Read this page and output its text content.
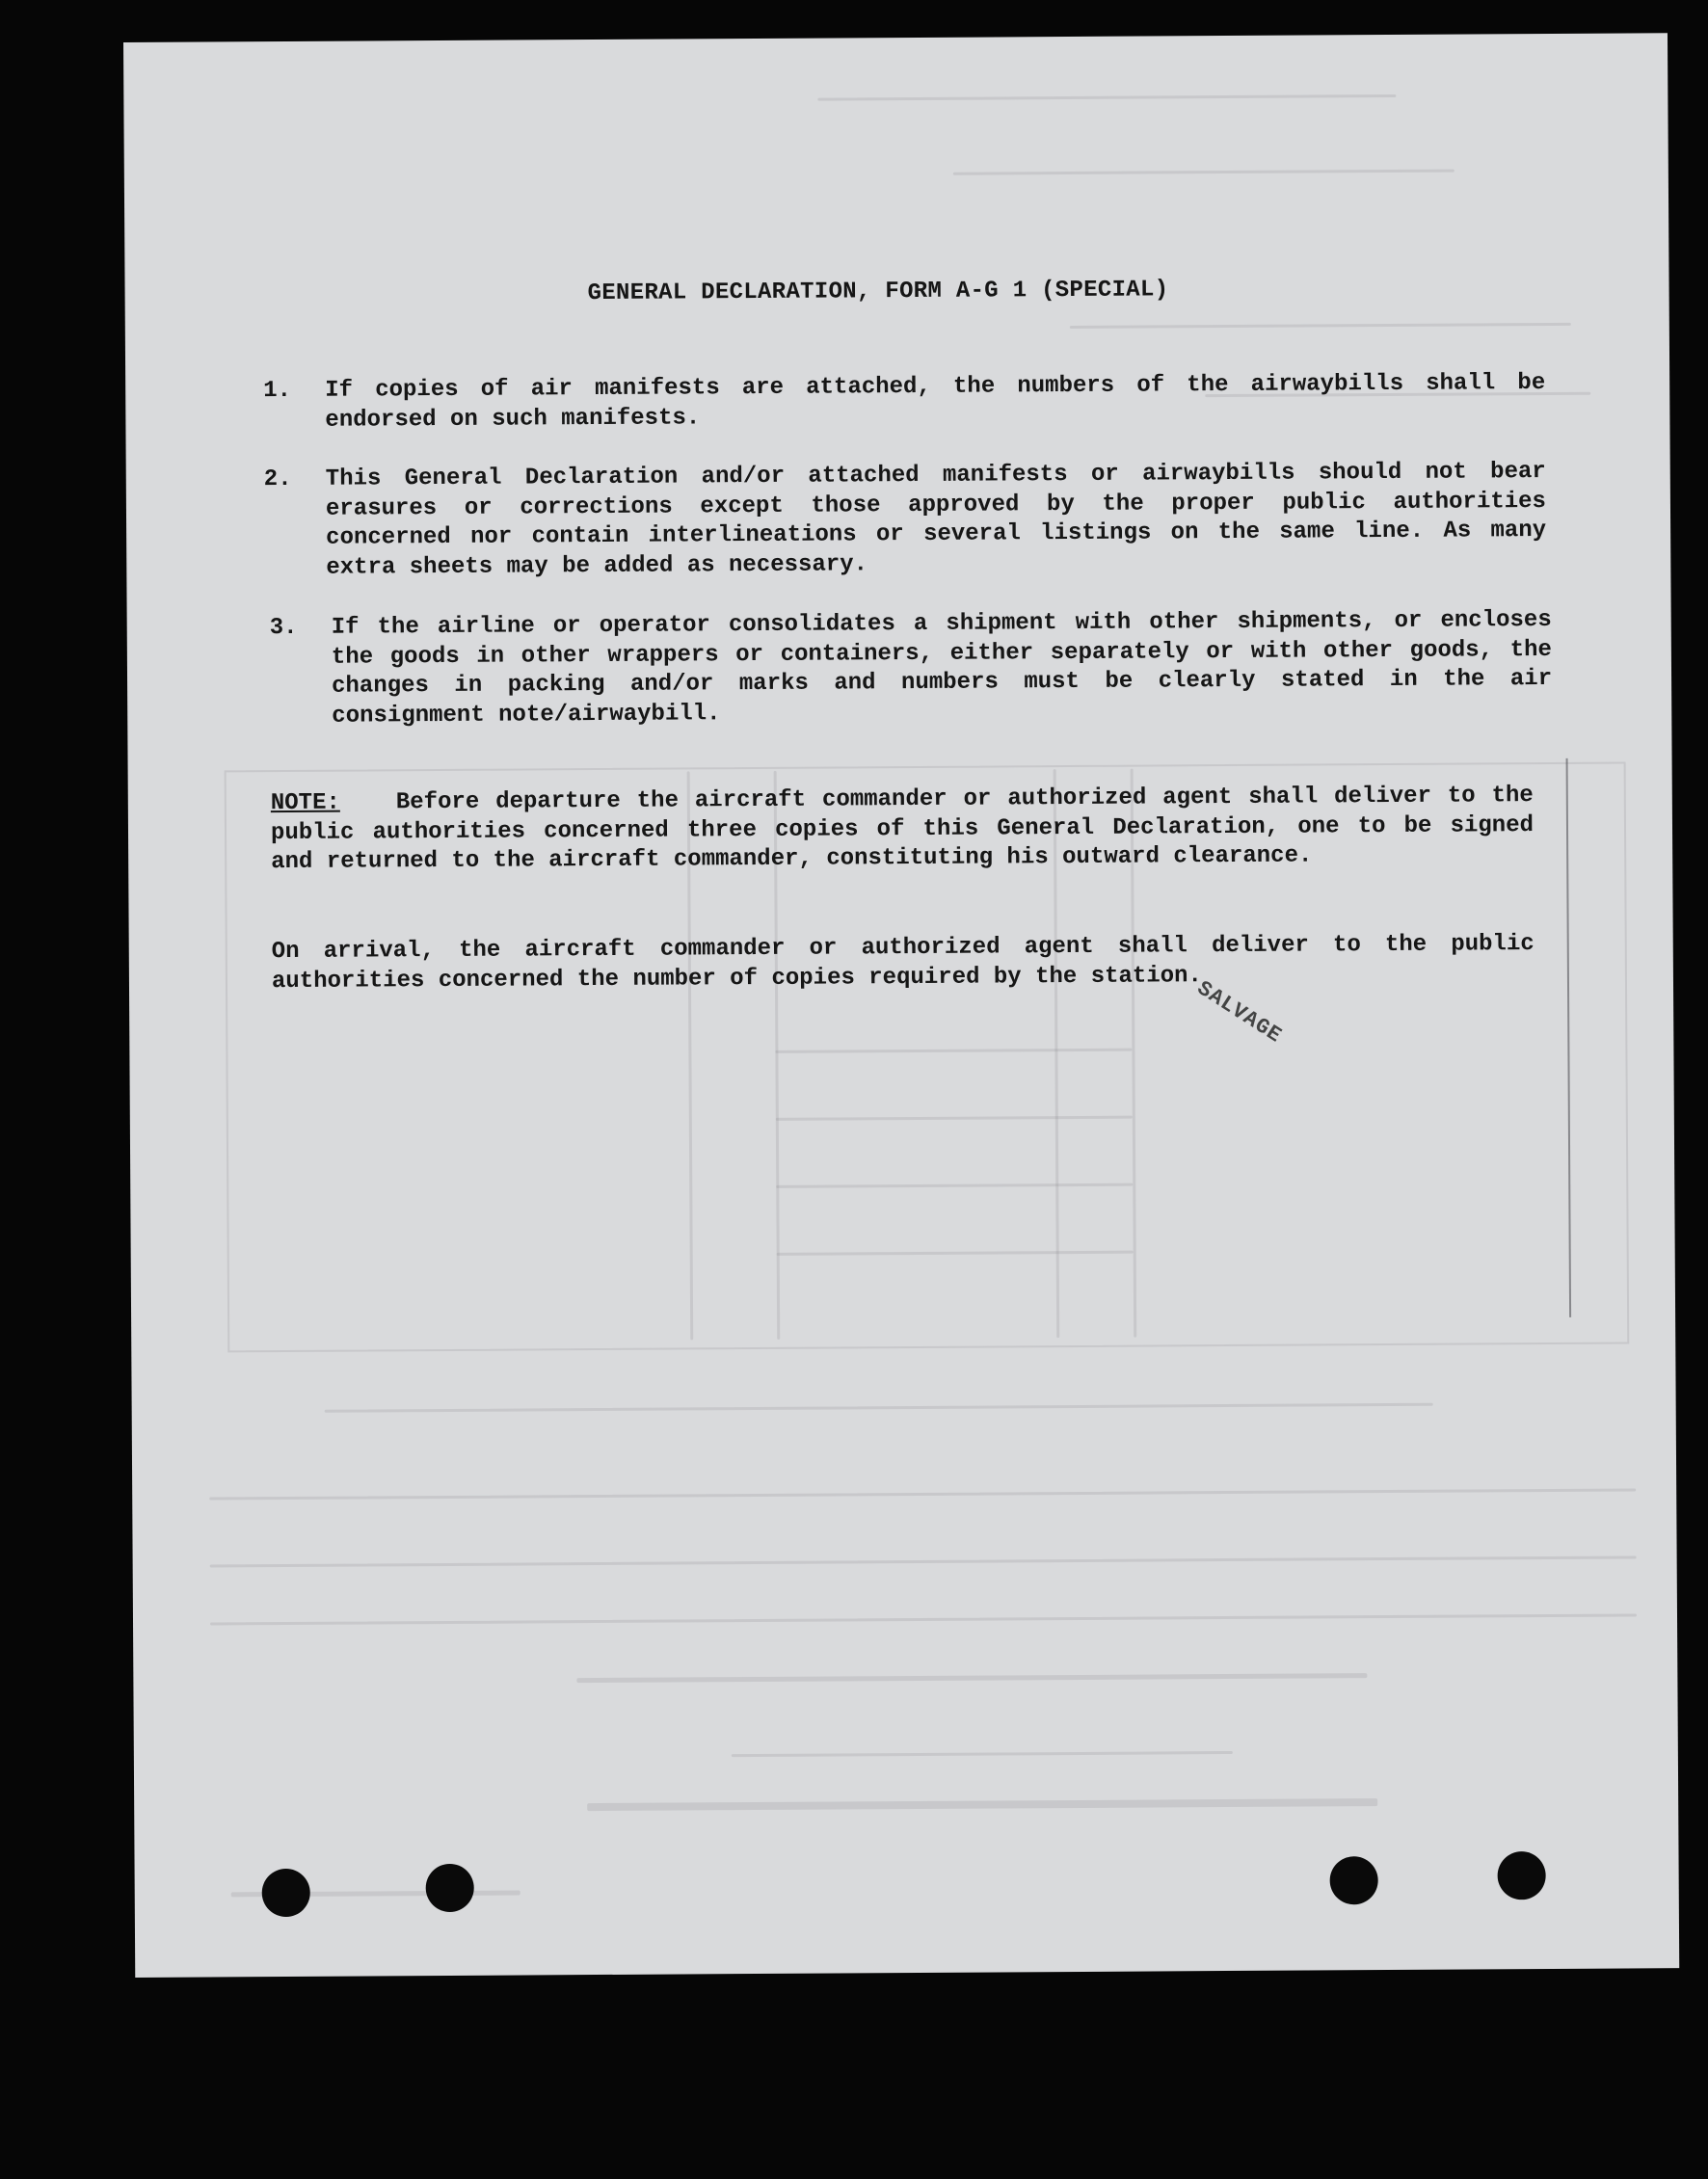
GENERAL DECLARATION, FORM A-G 1 (SPECIAL)
1.	If copies of air manifests are attached, the numbers of the airwaybills shall be endorsed on such manifests.
2.	This General Declaration and/or attached manifests or airwaybills should not bear erasures or corrections except those approved by the proper public authorities concerned nor contain interlineations or several listings on the same line. As many extra sheets may be added as necessary.
3.	If the airline or operator consolidates a shipment with other shipments, or encloses the goods in other wrappers or containers, either separately or with other goods, the changes in packing and/or marks and numbers must be clearly stated in the air consignment note/airwaybill.
NOTE: Before departure the aircraft commander or authorized agent shall deliver to the public authorities concerned three copies of this General Declaration, one to be signed and returned to the aircraft commander, constituting his outward clearance.
On arrival, the aircraft commander or authorized agent shall deliver to the public authorities concerned the number of copies required by the station.
SALVAGE
